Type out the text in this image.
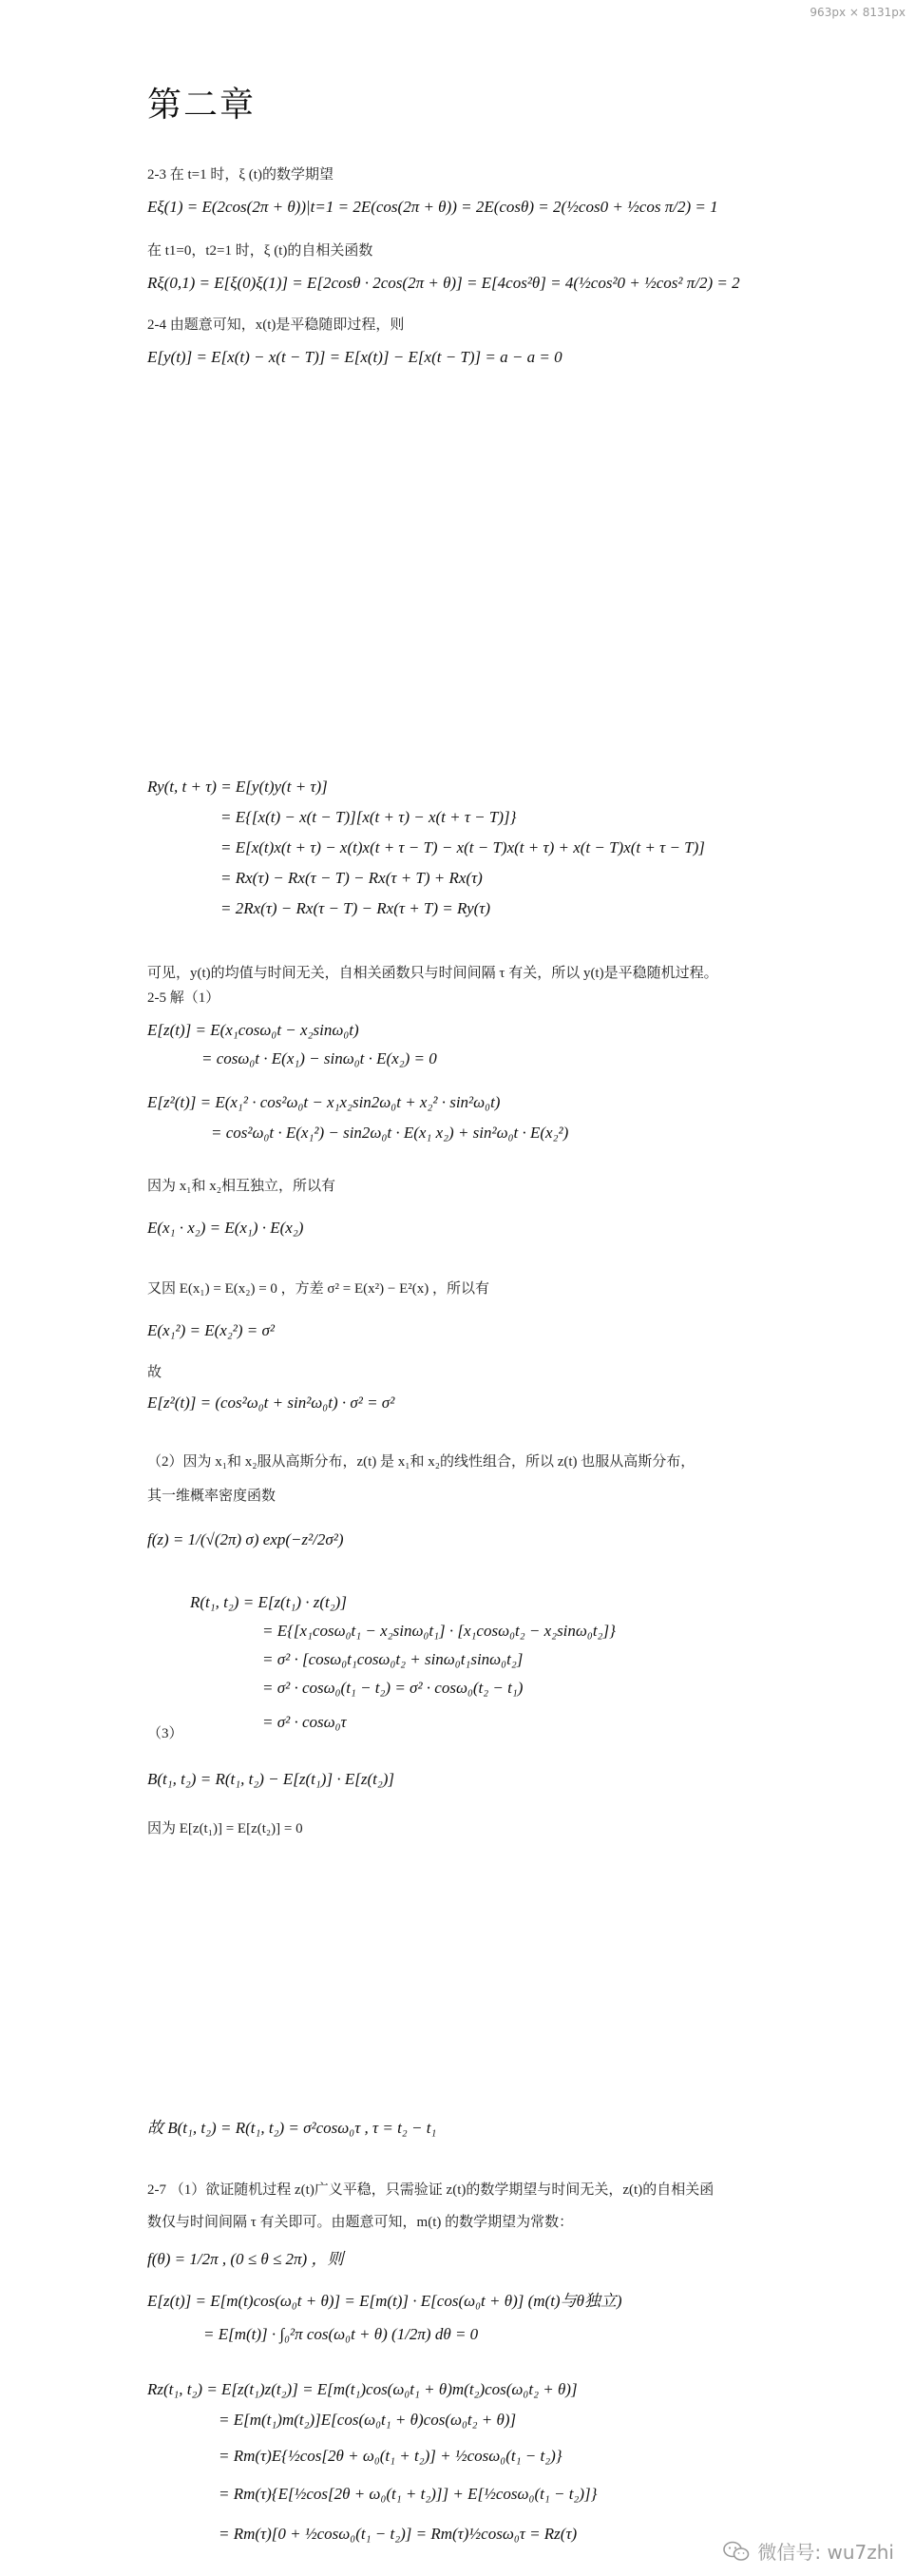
963px × 8131px
第二章
2-3 在 t=1 时，ξ (t)的数学期望
Eξ(1) = E(2cos(2π + θ))|t=1 = 2E(cos(2π + θ)) = 2E(cosθ) = 2(½cos0 + ½cos π/2) = 1
在 t1=0，t2=1 时，ξ (t)的自相关函数
Rξ(0,1) = E[ξ(0)ξ(1)] = E[2cosθ · 2cos(2π + θ)] = E[4cos²θ] = 4(½cos²0 + ½cos² π/2) = 2
2-4 由题意可知，x(t)是平稳随即过程，则
E[y(t)] = E[x(t) − x(t − T)] = E[x(t)] − E[x(t − T)] = a − a = 0
Ry(t, t + τ) = E[y(t)y(t + τ)]
= E{[x(t) − x(t − T)][x(t + τ) − x(t + τ − T)]}
= E[x(t)x(t + τ) − x(t)x(t + τ − T) − x(t − T)x(t + τ) + x(t − T)x(t + τ − T)]
= Rx(τ) − Rx(τ − T) − Rx(τ + T) + Rx(τ)
= 2Rx(τ) − Rx(τ − T) − Rx(τ + T) = Ry(τ)
可见，y(t)的均值与时间无关，自相关函数只与时间间隔 τ 有关，所以 y(t)是平稳随机过程。
2-5 解（1）
E[z(t)] = E(x₁cosω₀t − x₂sinω₀t)
= cosω₀t · E(x₁) − sinω₀t · E(x₂) = 0
E[z²(t)] = E(x₁² · cos²ω₀t − x₁x₂sin2ω₀t + x₂² · sin²ω₀t)
= cos²ω₀t · E(x₁²) − sin2ω₀t · E(x₁ x₂) + sin²ω₀t · E(x₂²)
因为 x₁和 x₂相互独立，所以有
E(x₁ · x₂) = E(x₁) · E(x₂)
又因 E(x₁) = E(x₂) = 0 ，方差 σ² = E(x²) − E²(x) ，所以有
E(x₁²) = E(x₂²) = σ²
故
E[z²(t)] = (cos²ω₀t + sin²ω₀t) · σ² = σ²
（2）因为 x₁和 x₂服从高斯分布，z(t) 是 x₁和 x₂的线性组合，所以 z(t) 也服从高斯分布，
其一维概率密度函数
f(z) = 1/(√(2π) σ) exp(−z²/2σ²)
R(t₁, t₂) = E[z(t₁) · z(t₂)]
= E{[x₁cosω₀t₁ − x₂sinω₀t₁] · [x₁cosω₀t₂ − x₂sinω₀t₂]}
= σ² · [cosω₀t₁cosω₀t₂ + sinω₀t₁sinω₀t₂]
= σ² · cosω₀(t₁ − t₂) = σ² · cosω₀(t₂ − t₁)
（3）
= σ² · cosω₀τ
B(t₁, t₂) = R(t₁, t₂) − E[z(t₁)] · E[z(t₂)]
因为 E[z(t₁)] = E[z(t₂)] = 0
故 B(t₁, t₂) = R(t₁, t₂) = σ²cosω₀τ , τ = t₂ − t₁
2-7 （1）欲证随机过程 z(t)广义平稳，只需验证 z(t)的数学期望与时间无关，z(t)的自相关函
数仅与时间间隔 τ 有关即可。由题意可知，m(t) 的数学期望为常数：
f(θ) = 1/2π , (0 ≤ θ ≤ 2π) ，则
E[z(t)] = E[m(t)cos(ω₀t + θ)] = E[m(t)] · E[cos(ω₀t + θ)] (m(t)与θ独立)
= E[m(t)] · ∫₀²π cos(ω₀t + θ) (1/2π) dθ = 0
Rz(t₁, t₂) = E[z(t₁)z(t₂)] = E[m(t₁)cos(ω₀t₁ + θ)m(t₂)cos(ω₀t₂ + θ)]
= E[m(t₁)m(t₂)]E[cos(ω₀t₁ + θ)cos(ω₀t₂ + θ)]
= Rm(τ)E{½cos[2θ + ω₀(t₁ + t₂)] + ½cosω₀(t₁ − t₂)}
= Rm(τ){E[½cos[2θ + ω₀(t₁ + t₂)]] + E[½cosω₀(t₁ − t₂)]}
= Rm(τ)[0 + ½cosω₀(t₁ − t₂)] = Rm(τ)½cosω₀τ = Rz(τ)
微信号: wu7zhi
